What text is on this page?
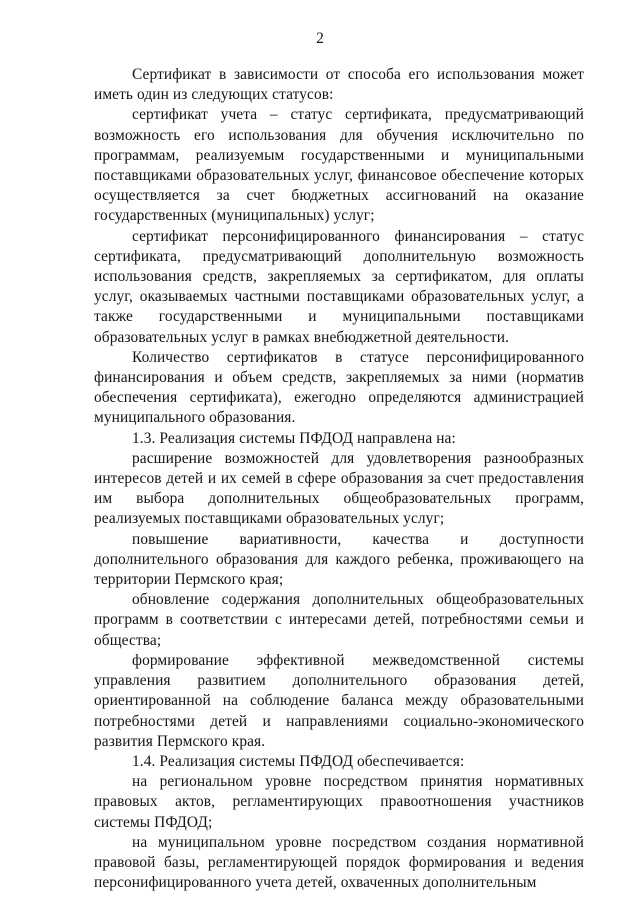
2

Сертификат в зависимости от способа его использования может иметь один из следующих статусов:

сертификат учета – статус сертификата, предусматривающий возможность его использования для обучения исключительно по программам, реализуемым государственными и муниципальными поставщиками образовательных услуг, финансовое обеспечение которых осуществляется за счет бюджетных ассигнований на оказание государственных (муниципальных) услуг;

сертификат персонифицированного финансирования – статус сертификата, предусматривающий дополнительную возможность использования средств, закрепляемых за сертификатом, для оплаты услуг, оказываемых частными поставщиками образовательных услуг, а также государственными и муниципальными поставщиками образовательных услуг в рамках внебюджетной деятельности.

Количество сертификатов в статусе персонифицированного финансирования и объем средств, закрепляемых за ними (норматив обеспечения сертификата), ежегодно определяются администрацией муниципального образования.

1.3. Реализация системы ПФДОД направлена на:

расширение возможностей для удовлетворения разнообразных интересов детей и их семей в сфере образования за счет предоставления им выбора дополнительных общеобразовательных программ, реализуемых поставщиками образовательных услуг;

повышение вариативности, качества и доступности дополнительного образования для каждого ребенка, проживающего на территории Пермского края;

обновление содержания дополнительных общеобразовательных программ в соответствии с интересами детей, потребностями семьи и общества;

формирование эффективной межведомственной системы управления развитием дополнительного образования детей, ориентированной на соблюдение баланса между образовательными потребностями детей и направлениями социально-экономического развития Пермского края.

1.4. Реализация системы ПФДОД обеспечивается:

на региональном уровне посредством принятия нормативных правовых актов, регламентирующих правоотношения участников системы ПФДОД;

на муниципальном уровне посредством создания нормативной правовой базы, регламентирующей порядок формирования и ведения персонифицированного учета детей, охваченных дополнительным
